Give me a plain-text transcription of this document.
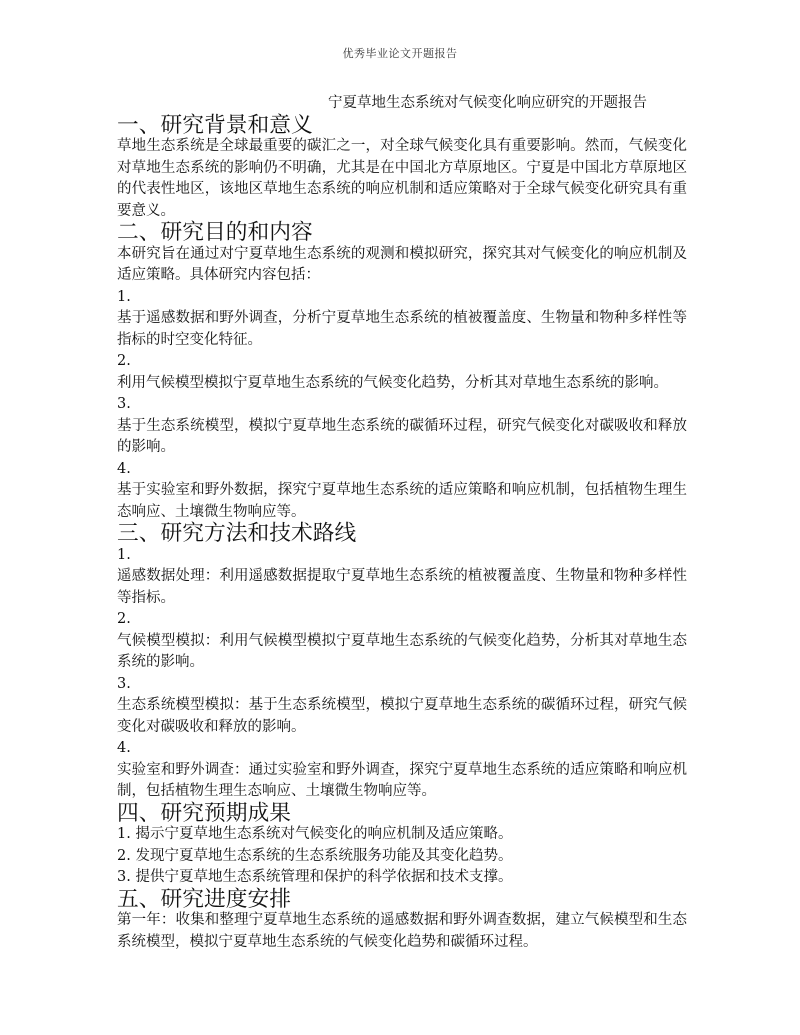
优秀毕业论文开题报告
宁夏草地生态系统对气候变化响应研究的开题报告
一、研究背景和意义

草地生态系统是全球最重要的碳汇之一，对全球气候变化具有重要影响。然而，气候变化对草地生态系统的影响仍不明确，尤其是在中国北方草原地区。宁夏是中国北方草原地区的代表性地区，该地区草地生态系统的响应机制和适应策略对于全球气候变化研究具有重要意义。

二、研究目的和内容

本研究旨在通过对宁夏草地生态系统的观测和模拟研究，探究其对气候变化的响应机制及适应策略。具体研究内容包括：

1.

基于遥感数据和野外调查，分析宁夏草地生态系统的植被覆盖度、生物量和物种多样性等指标的时空变化特征。

2.

利用气候模型模拟宁夏草地生态系统的气候变化趋势，分析其对草地生态系统的影响。

3.

基于生态系统模型，模拟宁夏草地生态系统的碳循环过程，研究气候变化对碳吸收和释放的影响。

4.

基于实验室和野外数据，探究宁夏草地生态系统的适应策略和响应机制，包括植物生理生态响应、土壤微生物响应等。

三、研究方法和技术路线

1.

遥感数据处理：利用遥感数据提取宁夏草地生态系统的植被覆盖度、生物量和物种多样性等指标。

2.

气候模型模拟：利用气候模型模拟宁夏草地生态系统的气候变化趋势，分析其对草地生态系统的影响。

3.

生态系统模型模拟：基于生态系统模型，模拟宁夏草地生态系统的碳循环过程，研究气候变化对碳吸收和释放的影响。

4.

实验室和野外调查：通过实验室和野外调查，探究宁夏草地生态系统的适应策略和响应机制，包括植物生理生态响应、土壤微生物响应等。

四、研究预期成果
1. 揭示宁夏草地生态系统对气候变化的响应机制及适应策略。
2. 发现宁夏草地生态系统的生态系统服务功能及其变化趋势。
3. 提供宁夏草地生态系统管理和保护的科学依据和技术支撑。
五、研究进度安排

第一年：收集和整理宁夏草地生态系统的遥感数据和野外调查数据，建立气候模型和生态系统模型，模拟宁夏草地生态系统的气候变化趋势和碳循环过程。
